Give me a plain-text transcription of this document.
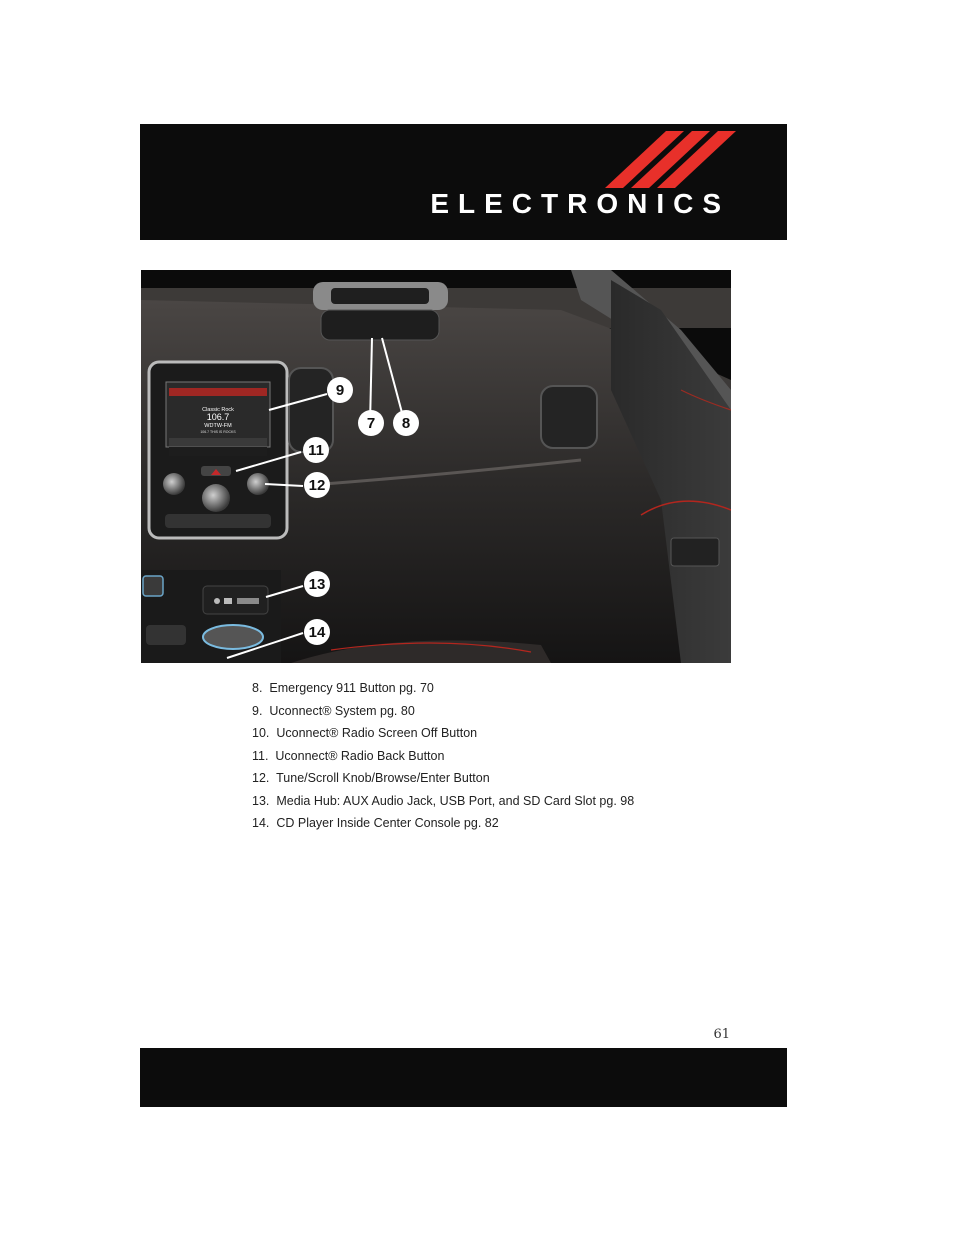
ELECTRONICS
Classic Rock
106.7
WDTW-FM
106.7 THIS IS ROCKS
9
7 8
11
12
13
14
8. Emergency 911 Button pg. 70
9. Uconnect® System pg. 80
10. Uconnect® Radio Screen Off Button
11. Uconnect® Radio Back Button
12. Tune/Scroll Knob/Browse/Enter Button
13. Media Hub: AUX Audio Jack, USB Port, and SD Card Slot pg. 98
14. CD Player Inside Center Console pg. 82
61
